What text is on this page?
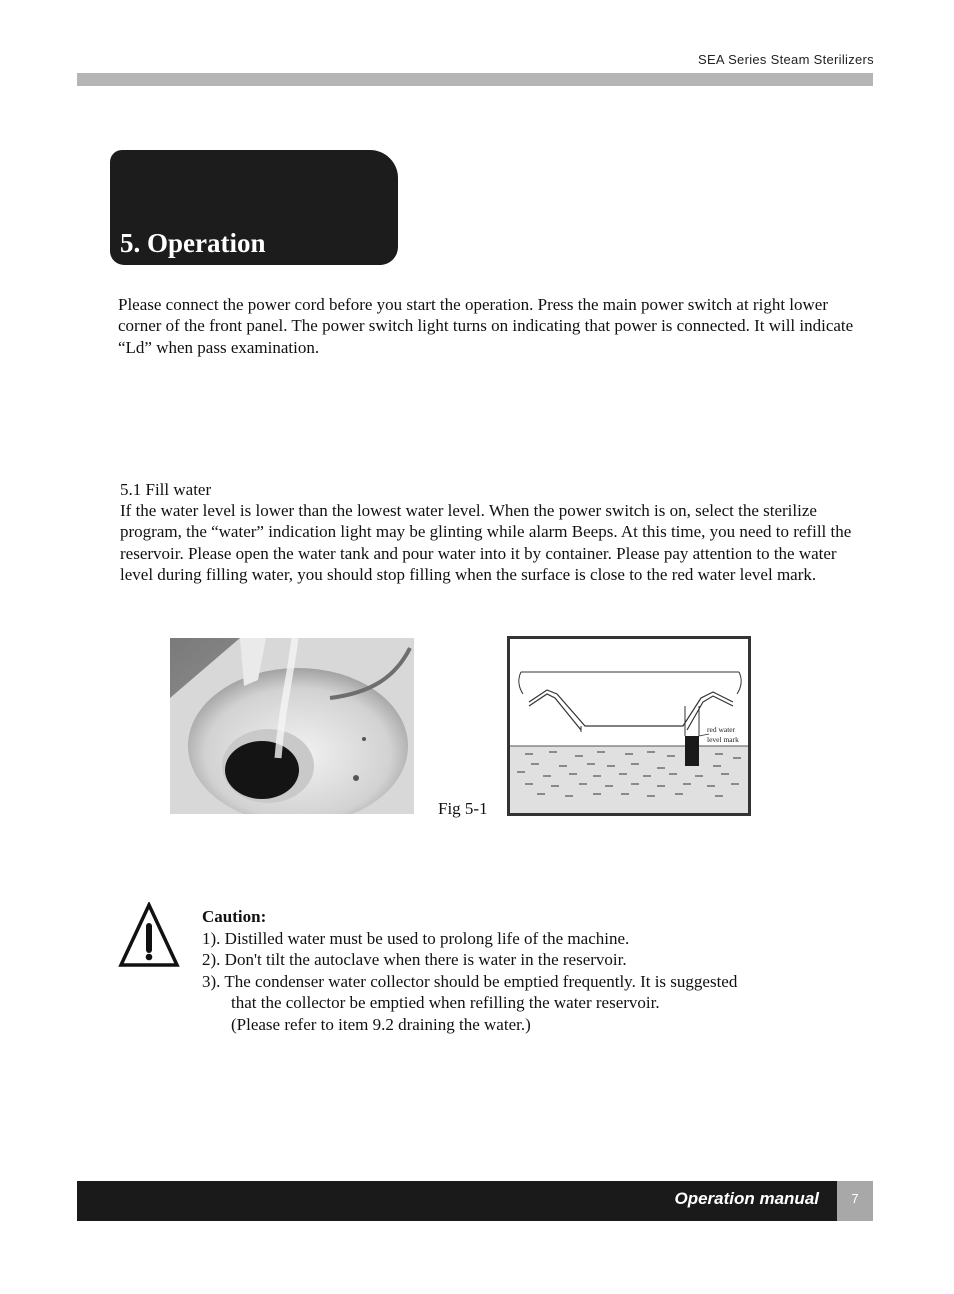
SEA Series Steam Sterilizers
5. Operation

Please connect the power cord before you start the operation. Press the main power switch at right lower corner of the front panel. The power switch light turns on indicating that power is connected. It will indicate “Ld” when pass examination.

5.1 Fill water

If the water level is lower than the lowest water level. When the power switch is on, select the sterilize program, the “water” indication light may be glinting while alarm Beeps. At this time, you need to refill the reservoir. Please open the water tank and pour water into it by container. Please pay attention to the water level during filling water, you should stop filling when the surface is close to the red water level mark.

Fig 5-1
red water
level mark

Caution:

1). Distilled water must be used to prolong life of the machine.

2). Don't tilt the autoclave when there is water in the reservoir.

3). The condenser water collector should be emptied frequently. It is suggested

that the collector be emptied when refilling the water reservoir.

(Please refer to item 9.2 draining the water.)

Operation manual	7
